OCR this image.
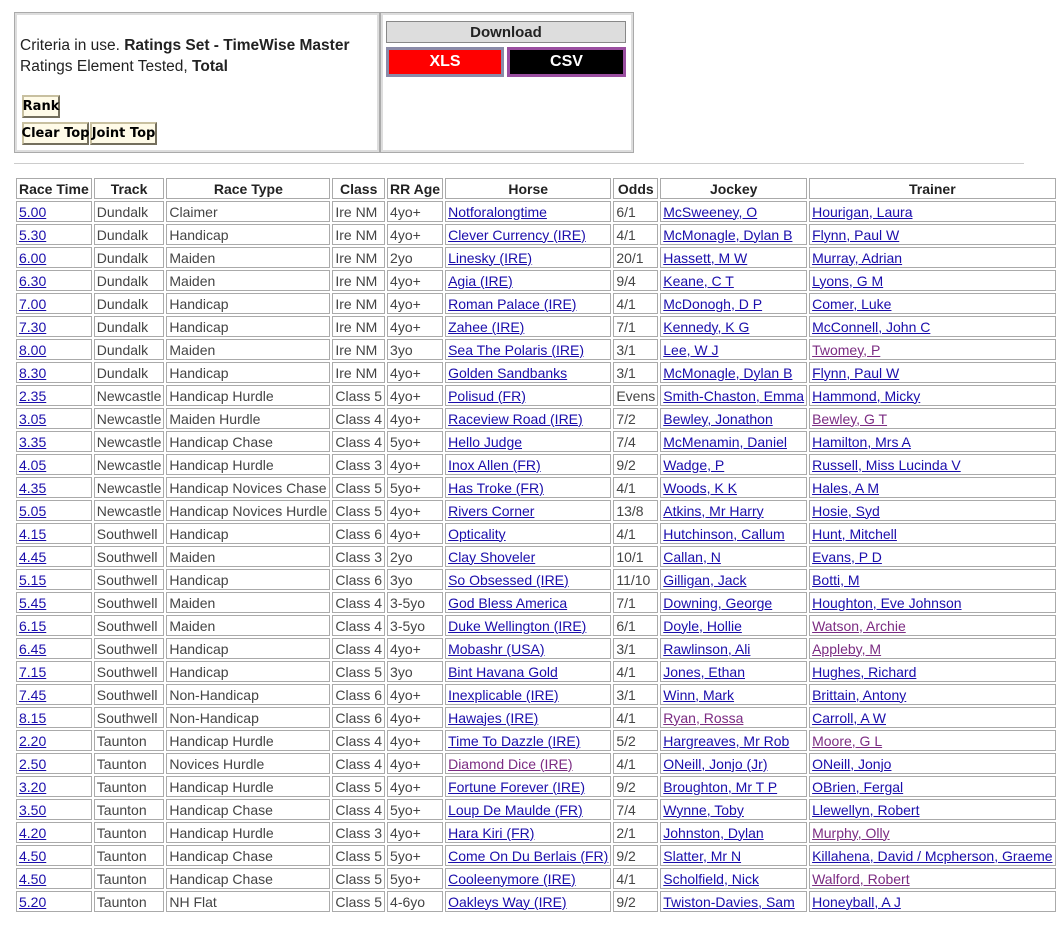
Criteria in use. Ratings Set - TimeWise Master
Ratings Element Tested, Total
Rank
Clear Top Joint Top
Download
XLS	CSV
Race Time	Track	Race Type	Class	RR Age	Horse	Odds	Jockey	Trainer
5.00	Dundalk	Claimer	Ire NM	4yo+	Notforalongtime	6/1	McSweeney, O	Hourigan, Laura
5.30	Dundalk	Handicap	Ire NM	4yo+	Clever Currency (IRE)	4/1	McMonagle, Dylan B	Flynn, Paul W
6.00	Dundalk	Maiden	Ire NM	2yo	Linesky (IRE)	20/1	Hassett, M W	Murray, Adrian
6.30	Dundalk	Maiden	Ire NM	4yo+	Agia (IRE)	9/4	Keane, C T	Lyons, G M
7.00	Dundalk	Handicap	Ire NM	4yo+	Roman Palace (IRE)	4/1	McDonogh, D P	Comer, Luke
7.30	Dundalk	Handicap	Ire NM	4yo+	Zahee (IRE)	7/1	Kennedy, K G	McConnell, John C
8.00	Dundalk	Maiden	Ire NM	3yo	Sea The Polaris (IRE)	3/1	Lee, W J	Twomey, P
8.30	Dundalk	Handicap	Ire NM	4yo+	Golden Sandbanks	3/1	McMonagle, Dylan B	Flynn, Paul W
2.35	Newcastle	Handicap Hurdle	Class 5	4yo+	Polisud (FR)	Evens	Smith-Chaston, Emma	Hammond, Micky
3.05	Newcastle	Maiden Hurdle	Class 4	4yo+	Raceview Road (IRE)	7/2	Bewley, Jonathon	Bewley, G T
3.35	Newcastle	Handicap Chase	Class 4	5yo+	Hello Judge	7/4	McMenamin, Daniel	Hamilton, Mrs A
4.05	Newcastle	Handicap Hurdle	Class 3	4yo+	Inox Allen (FR)	9/2	Wadge, P	Russell, Miss Lucinda V
4.35	Newcastle	Handicap Novices Chase	Class 5	5yo+	Has Troke (FR)	4/1	Woods, K K	Hales, A M
5.05	Newcastle	Handicap Novices Hurdle	Class 5	4yo+	Rivers Corner	13/8	Atkins, Mr Harry	Hosie, Syd
4.15	Southwell	Handicap	Class 6	4yo+	Opticality	4/1	Hutchinson, Callum	Hunt, Mitchell
4.45	Southwell	Maiden	Class 3	2yo	Clay Shoveler	10/1	Callan, N	Evans, P D
5.15	Southwell	Handicap	Class 6	3yo	So Obsessed (IRE)	11/10	Gilligan, Jack	Botti, M
5.45	Southwell	Maiden	Class 4	3-5yo	God Bless America	7/1	Downing, George	Houghton, Eve Johnson
6.15	Southwell	Maiden	Class 4	3-5yo	Duke Wellington (IRE)	6/1	Doyle, Hollie	Watson, Archie
6.45	Southwell	Handicap	Class 4	4yo+	Mobashr (USA)	3/1	Rawlinson, Ali	Appleby, M
7.15	Southwell	Handicap	Class 5	3yo	Bint Havana Gold	4/1	Jones, Ethan	Hughes, Richard
7.45	Southwell	Non-Handicap	Class 6	4yo+	Inexplicable (IRE)	3/1	Winn, Mark	Brittain, Antony
8.15	Southwell	Non-Handicap	Class 6	4yo+	Hawajes (IRE)	4/1	Ryan, Rossa	Carroll, A W
2.20	Taunton	Handicap Hurdle	Class 4	4yo+	Time To Dazzle (IRE)	5/2	Hargreaves, Mr Rob	Moore, G L
2.50	Taunton	Novices Hurdle	Class 4	4yo+	Diamond Dice (IRE)	4/1	ONeill, Jonjo (Jr)	ONeill, Jonjo
3.20	Taunton	Handicap Hurdle	Class 5	4yo+	Fortune Forever (IRE)	9/2	Broughton, Mr T P	OBrien, Fergal
3.50	Taunton	Handicap Chase	Class 4	5yo+	Loup De Maulde (FR)	7/4	Wynne, Toby	Llewellyn, Robert
4.20	Taunton	Handicap Hurdle	Class 3	4yo+	Hara Kiri (FR)	2/1	Johnston, Dylan	Murphy, Olly
4.50	Taunton	Handicap Chase	Class 5	5yo+	Come On Du Berlais (FR)	9/2	Slatter, Mr N	Killahena, David / Mcpherson, Graeme
4.50	Taunton	Handicap Chase	Class 5	5yo+	Cooleenymore (IRE)	4/1	Scholfield, Nick	Walford, Robert
5.20	Taunton	NH Flat	Class 5	4-6yo	Oakleys Way (IRE)	9/2	Twiston-Davies, Sam	Honeyball, A J
